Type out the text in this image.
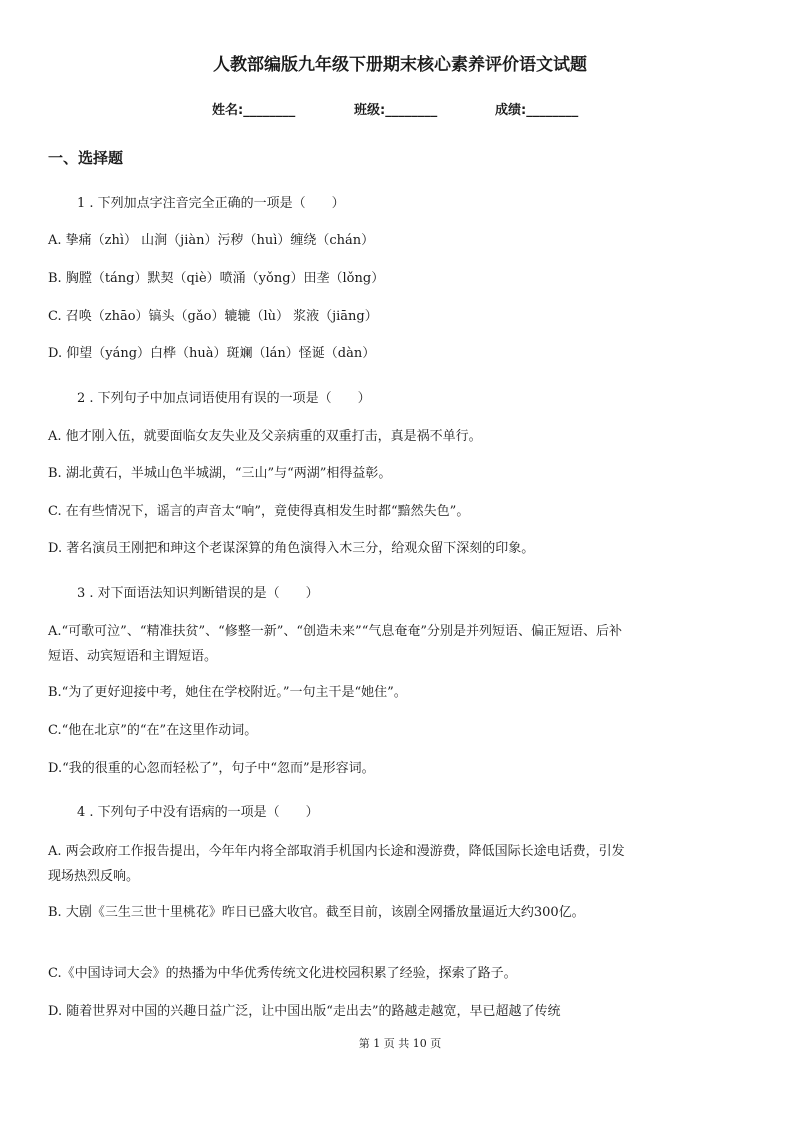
人教部编版九年级下册期末核心素养评价语文试题
姓名:________	班级:________	成绩:________
一、选择题
1 . 下列加点字注音完全正确的一项是（　　）
A. 挚痛（zhì） 山涧（jiàn）污秽（huì）缠绕（chán）
B. 胸膛（táng）默契（qiè）喷涌（yǒng）田垄（lǒng）
C. 召唤（zhāo）镐头（gǎo）辘辘（lù） 浆液（jiāng）
D. 仰望（yáng）白桦（huà）斑斓（lán）怪诞（dàn）
2 . 下列句子中加点词语使用有误的一项是（　　）
A. 他才刚入伍，就要面临女友失业及父亲病重的双重打击，真是祸不单行。
B. 湖北黄石，半城山色半城湖，“三山”与“两湖”相得益彰。
C. 在有些情况下，谣言的声音太“响”，竟使得真相发生时都“黯然失色”。
D. 著名演员王刚把和珅这个老谋深算的角色演得入木三分，给观众留下深刻的印象。
3 . 对下面语法知识判断错误的是（　　）
A.“可歌可泣”、“精准扶贫”、“修整一新”、“创造未来”“气息奄奄”分别是并列短语、偏正短语、后补短语、动宾短语和主谓短语。
B.“为了更好迎接中考，她住在学校附近。”一句主干是“她住”。
C.“他在北京”的“在”在这里作动词。
D.“我的很重的心忽而轻松了”，句子中“忽而”是形容词。
4 . 下列句子中没有语病的一项是（　　）
A. 两会政府工作报告提出，今年年内将全部取消手机国内长途和漫游费，降低国际长途电话费，引发现场热烈反响。
B. 大剧《三生三世十里桃花》昨日已盛大收官。截至目前，该剧全网播放量逼近大约300亿。
C.《中国诗词大会》的热播为中华优秀传统文化进校园积累了经验，探索了路子。
D. 随着世界对中国的兴趣日益广泛，让中国出版“走出去”的路越走越宽，早已超越了传统
第 1 页 共 10 页
